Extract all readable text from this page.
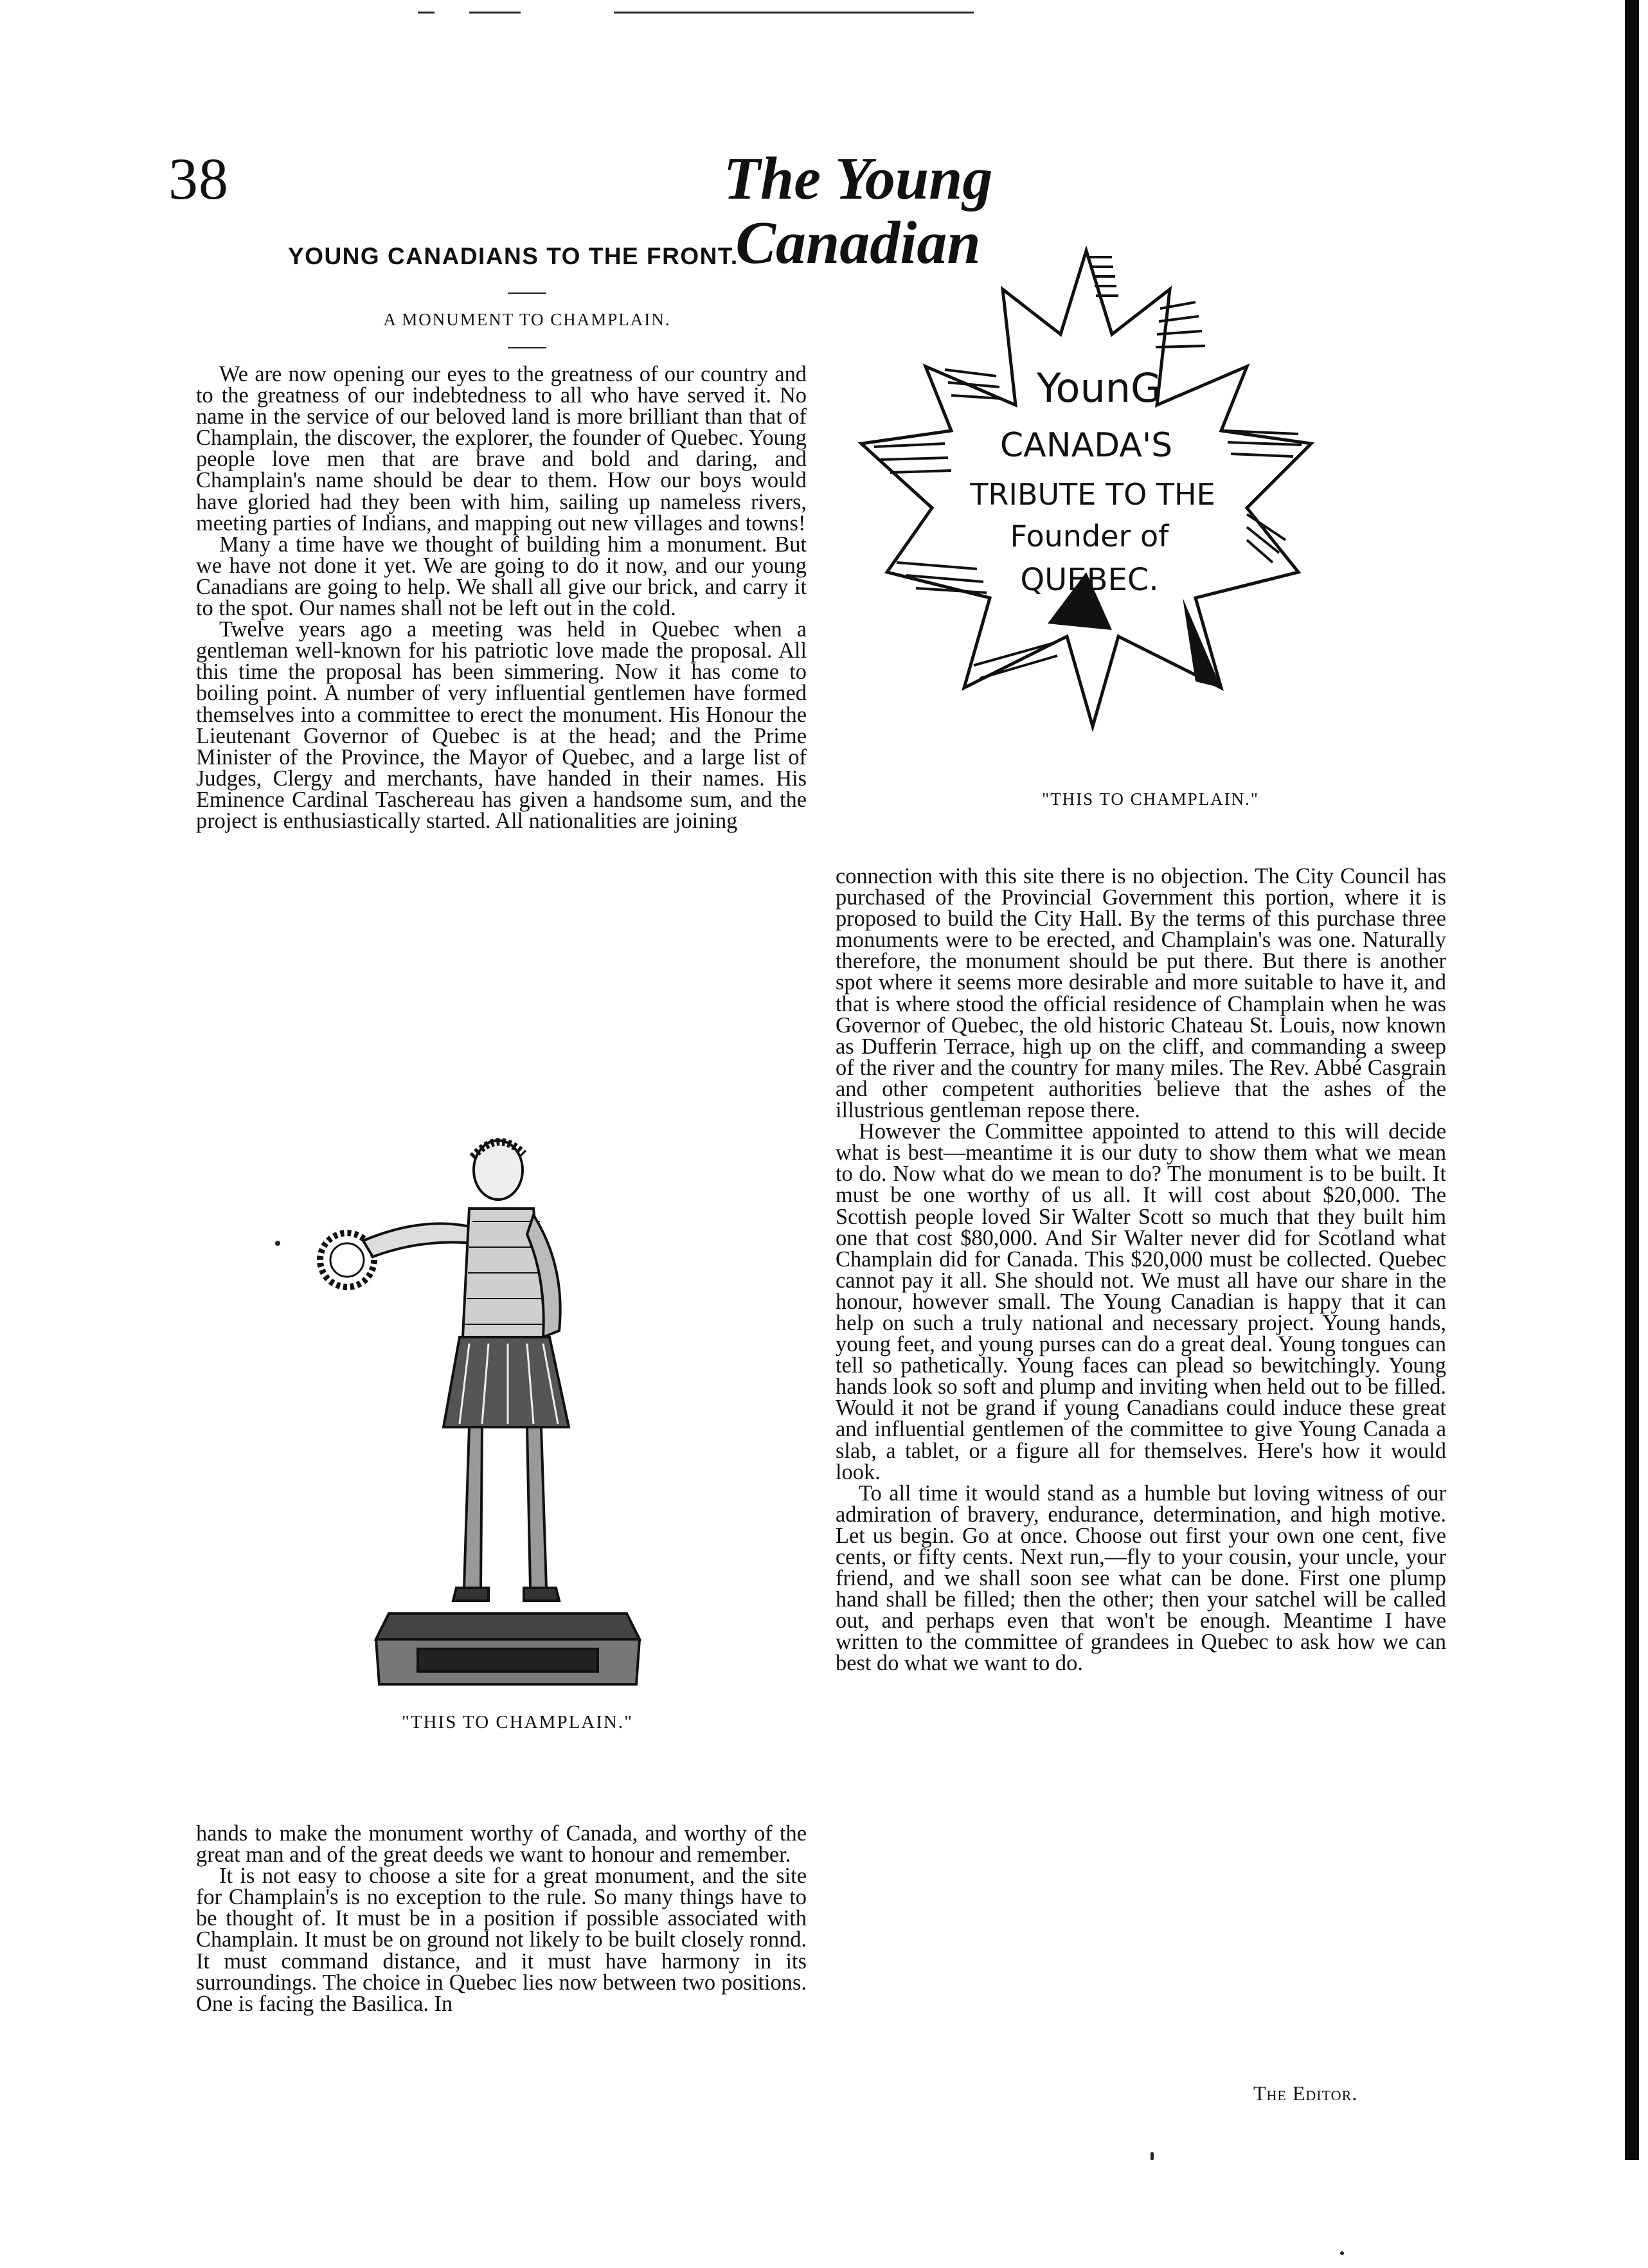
38	The Young Canadian
YOUNG CANADIANS TO THE FRONT.
A MONUMENT TO CHAMPLAIN.

We are now opening our eyes to the greatness of our country and to the greatness of our indebtedness to all who have served it. No name in the service of our beloved land is more brilliant than that of Champlain, the discover, the explorer, the founder of Quebec. Young people love men that are brave and bold and daring, and Champlain's name should be dear to them. How our boys would have gloried had they been with him, sailing up nameless rivers, meeting parties of Indians, and mapping out new villages and towns!

Many a time have we thought of building him a monument. But we have not done it yet. We are going to do it now, and our young Canadians are going to help. We shall all give our brick, and carry it to the spot. Our names shall not be left out in the cold.

Twelve years ago a meeting was held in Quebec when a gentleman well-known for his patriotic love made the proposal. All this time the proposal has been simmering. Now it has come to boiling point. A number of very influential gentlemen have formed themselves into a committee to erect the monument. His Honour the Lieutenant Governor of Quebec is at the head; and the Prime Minister of the Province, the Mayor of Quebec, and a large list of Judges, Clergy and merchants, have handed in their names. His Eminence Cardinal Taschereau has given a handsome sum, and the project is enthusiastically started. All nationalities are joining

"THIS TO CHAMPLAIN."

hands to make the monument worthy of Canada, and worthy of the great man and of the great deeds we want to honour and remember.

It is not easy to choose a site for a great monument, and the site for Champlain's is no exception to the rule. So many things have to be thought of. It must be in a position if possible associated with Champlain. It must be on ground not likely to be built closely ronnd. It must command distance, and it must have harmony in its surroundings. The choice in Quebec lies now between two positions. One is facing the Basilica. In

YounG
CANADA'S
TRIBUTE TO THE
Founder of
QUEBEC.
"THIS TO CHAMPLAIN."

connection with this site there is no objection. The City Council has purchased of the Provincial Government this portion, where it is proposed to build the City Hall. By the terms of this purchase three monuments were to be erected, and Champlain's was one. Naturally therefore, the monument should be put there. But there is another spot where it seems more desirable and more suitable to have it, and that is where stood the official residence of Champlain when he was Governor of Quebec, the old historic Chateau St. Louis, now known as Dufferin Terrace, high up on the cliff, and commanding a sweep of the river and the country for many miles. The Rev. Abbé Casgrain and other competent authorities believe that the ashes of the illustrious gentleman repose there.

However the Committee appointed to attend to this will decide what is best—meantime it is our duty to show them what we mean to do. Now what do we mean to do? The monument is to be built. It must be one worthy of us all. It will cost about $20,000. The Scottish people loved Sir Walter Scott so much that they built him one that cost $80,000. And Sir Walter never did for Scotland what Champlain did for Canada. This $20,000 must be collected. Quebec cannot pay it all. She should not. We must all have our share in the honour, however small. The Young Canadian is happy that it can help on such a truly national and necessary project. Young hands, young feet, and young purses can do a great deal. Young tongues can tell so pathetically. Young faces can plead so bewitchingly. Young hands look so soft and plump and inviting when held out to be filled. Would it not be grand if young Canadians could induce these great and influential gentlemen of the committee to give Young Canada a slab, a tablet, or a figure all for themselves. Here's how it would look.

To all time it would stand as a humble but loving witness of our admiration of bravery, endurance, determination, and high motive. Let us begin. Go at once. Choose out first your own one cent, five cents, or fifty cents. Next run,—fly to your cousin, your uncle, your friend, and we shall soon see what can be done. First one plump hand shall be filled; then the other; then your satchel will be called out, and perhaps even that won't be enough. Meantime I have written to the committee of grandees in Quebec to ask how we can best do what we want to do.

The Editor.
